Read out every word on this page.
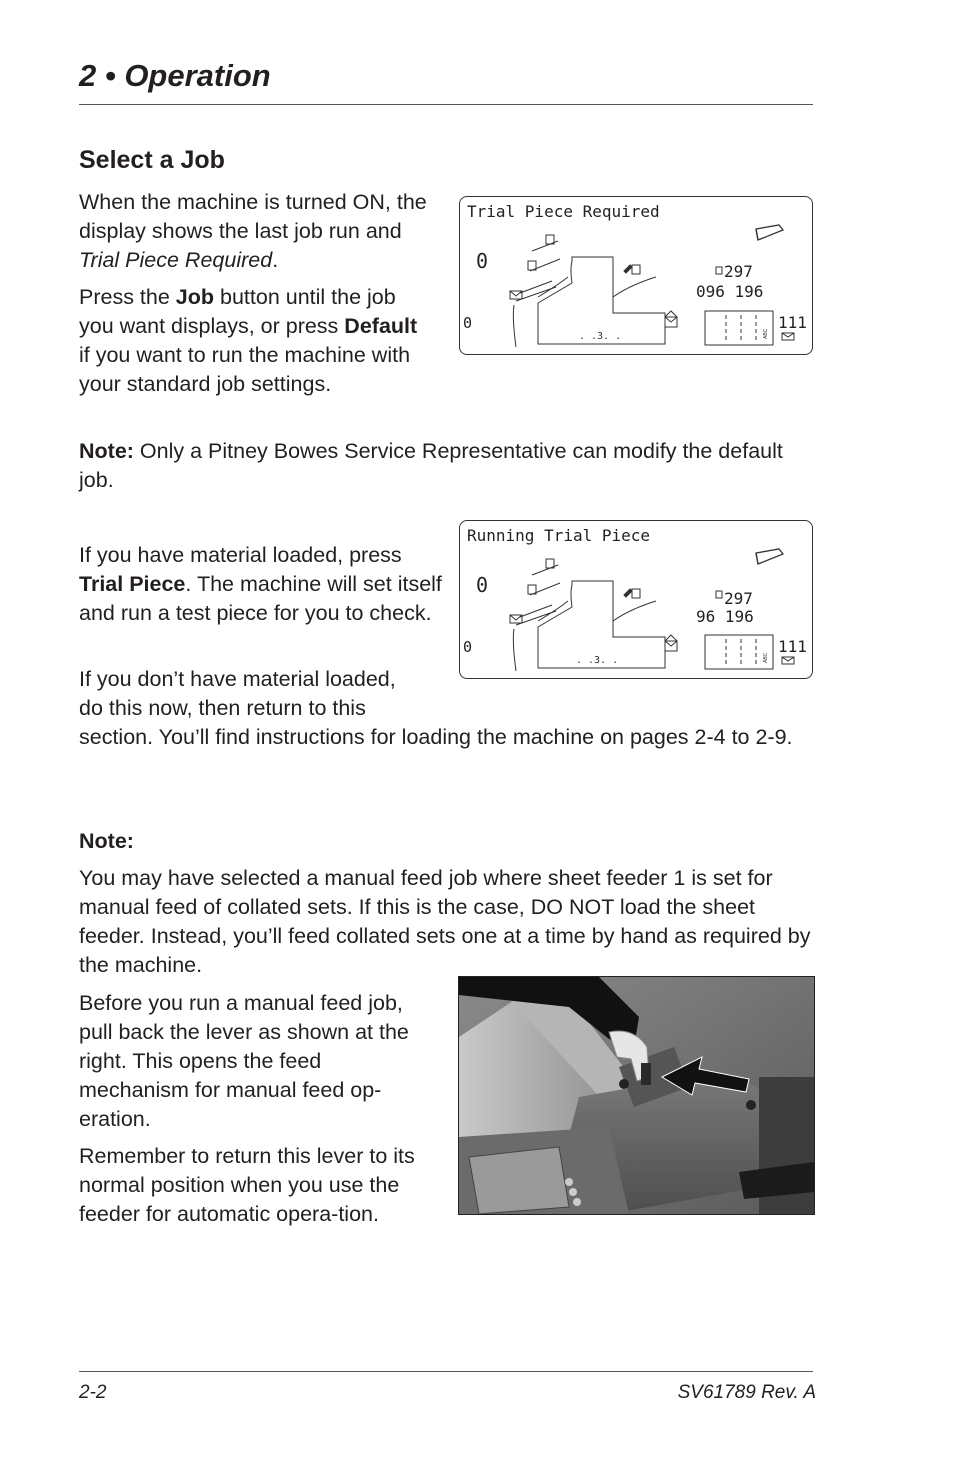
2 • Operation
Select a Job

When the machine is turned ON, the display shows the last job run and Trial Piece Required.

Press the Job button until the job you want displays, or press Default if you want to run the machine with your standard job settings.

Note: Only a Pitney Bowes Service Representative can modify the default job.

If you have material loaded, press Trial Piece. The machine will set itself and run a test piece for you to check.

If you don’t have material loaded,
do this now, then return to this

section. You’ll find instructions for loading the machine on pages 2-4 to 2-9.

Note:

You may have selected a manual feed job where sheet feeder 1 is set for manual feed of collated sets. If this is the case, DO NOT load the sheet feeder. Instead, you’ll feed collated sets one at a time by hand as required by the machine.

Before you run a manual feed job, pull back the lever as shown at the right. This opens the feed mechanism for manual feed op-eration.

Remember to return this lever to its normal position when you use the feeder for automatic opera-tion.

Trial Piece Required
0
0
ABC
. .3. .
297
096 196
111
Running Trial Piece
0
0
ABC
. .3. .
297
96 196
111
2-2	SV61789 Rev. A
